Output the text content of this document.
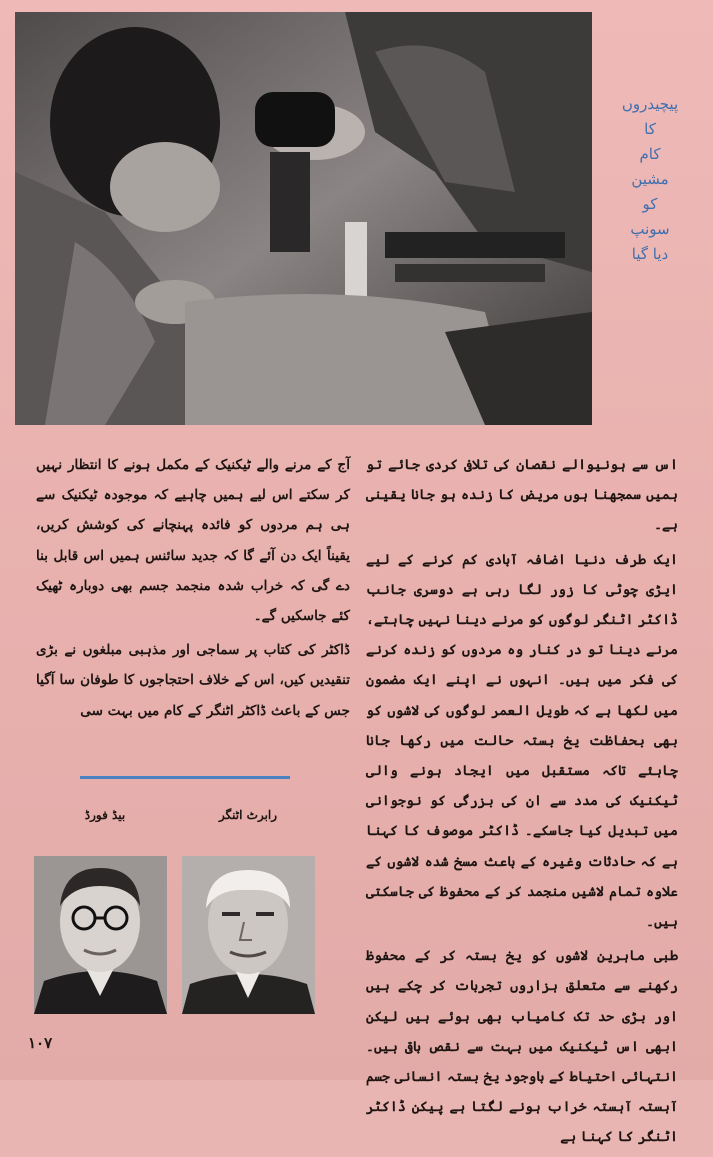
پیچیدروں
کا
کام
مشین
کو
سونپ
دیا گیا

اس سے ہونیوالے نقصان کی تلافی کردی جائے تو ہمیں سمجھنا ہوں مریض کا زندہ ہو جانا یقینی ہے۔

ایک طرف دنیا اضافہ آبادی کم کرنے کے لیے ایڑی چوٹی کا زور لگا رہی ہے دوسری جانب ڈاکٹر اٹنگر لوگوں کو مرنے دینا نہیں چاہتے، مرنے دینا تو در کنار وہ مردوں کو زندہ کرنے کی فکر میں ہیں۔ انہوں نے اپنے ایک مضمون میں لکھا ہے کہ طویل العمر لوگوں کی لاشوں کو بھی بحفاظت یخ بستہ حالت میں رکھا جانا چاہئے تاکہ مستقبل میں ایجاد ہونے والی ٹیکنیک کی مدد سے ان کی بزرگی کو نوجوانی میں تبدیل کیا جاسکے۔ ڈاکٹر موصوف کا کہنا ہے کہ حادثات وغیرہ کے باعث مسخ شدہ لاشوں کے علاوہ تمام لاشیں منجمد کر کے محفوظ کی جاسکتی ہیں۔

طبی ماہرین لاشوں کو یخ بستہ کر کے محفوظ رکھنے سے متعلق ہزاروں تجربات کر چکے ہیں اور بڑی حد تک کامیاب بھی ہوئے ہیں لیکن ابھی اس ٹیکنیک میں بہت سے نقص باقی ہیں۔ انتہائی احتیاط کے باوجود یخ بستہ انسانی جسم آہستہ آہستہ خراب ہونے لگتا ہے پیکن ڈاکٹر اٹنگر کا کہنا ہے

آج کے مرنے والے ٹیکنیک کے مکمل ہونے کا انتظار نہیں کر سکتے اس لیے ہمیں چاہیے کہ موجودہ ٹیکنیک سے ہی ہم مردوں کو فائدہ پہنچانے کی کوشش کریں، یقیناً ایک دن آئے گا کہ جدید سائنس ہمیں اس قابل بنا دے گی کہ خراب شدہ منجمد جسم بھی دوبارہ ٹھیک کئے جاسکیں گے۔

ڈاکٹر کی کتاب پر سماجی اور مذہبی مبلغوں نے بڑی تنقیدیں کیں، اس کے خلاف احتجاجوں کا طوفان سا آگیا جس کے باعث ڈاکٹر اٹنگر کے کام میں بہت سی

بیڈ فورڈ	رابرٹ اٹنگر
۱۰۷
